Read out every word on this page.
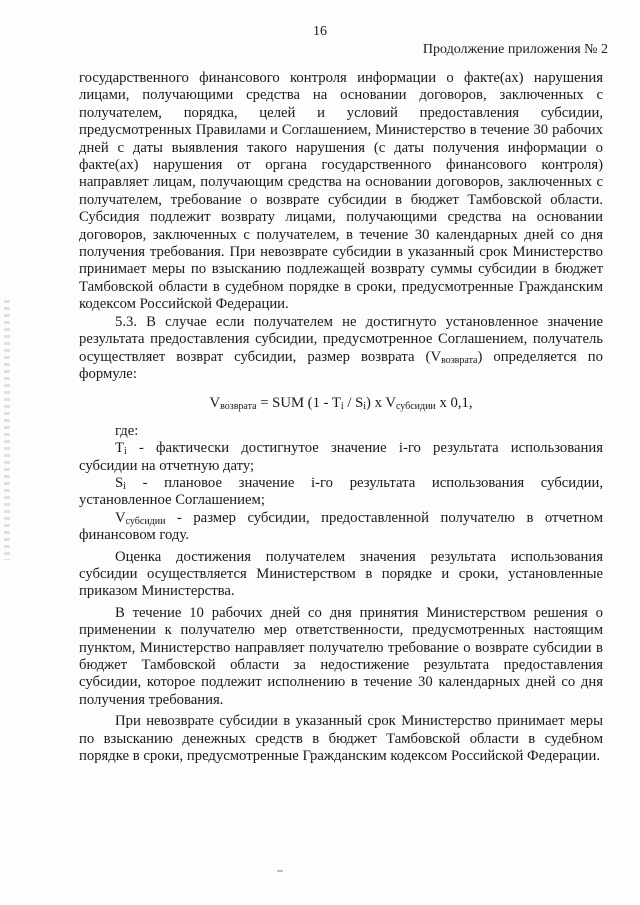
16
Продолжение приложения № 2

государственного финансового контроля информации о факте(ах) нарушения лицами, получающими средства на основании договоров, заключенных с получателем, порядка, целей и условий предоставления субсидии, предусмотренных Правилами и Соглашением, Министерство в течение 30 рабочих дней с даты выявления такого нарушения (с даты получения информации о факте(ах) нарушения от органа государственного финансового контроля) направляет лицам, получающим средства на основании договоров, заключенных с получателем, требование о возврате субсидии в бюджет Тамбовской области. Субсидия подлежит возврату лицами, получающими средства на основании договоров, заключенных с получателем, в течение 30 календарных дней со дня получения требования. При невозврате субсидии в указанный срок Министерство принимает меры по взысканию подлежащей возврату суммы субсидии в бюджет Тамбовской области в судебном порядке в сроки, предусмотренные Гражданским кодексом Российской Федерации.

5.3. В случае если получателем не достигнуто установленное значение результата предоставления субсидии, предусмотренное Соглашением, получатель осуществляет возврат субсидии, размер возврата $(V_{возврата})$ определяется по формуле:

$V_{возврата}$ = SUM $(1 - T_i / S_i)$ x $V_{субсидии}$ x 0,1,

где:

$T_i$ - фактически достигнутое значение i-го результата использования субсидии на отчетную дату;

$S_i$ - плановое значение i-го результата использования субсидии, установленное Соглашением;

$V_{субсидии}$ - размер субсидии, предоставленной получателю в отчетном финансовом году.

Оценка достижения получателем значения результата использования субсидии осуществляется Министерством в порядке и сроки, установленные приказом Министерства.

В течение 10 рабочих дней со дня принятия Министерством решения о применении к получателю мер ответственности, предусмотренных настоящим пунктом, Министерство направляет получателю требование о возврате субсидии в бюджет Тамбовской области за недостижение результата предоставления субсидии, которое подлежит исполнению в течение 30 календарных дней со дня получения требования.

При невозврате субсидии в указанный срок Министерство принимает меры по взысканию денежных средств в бюджет Тамбовской области в судебном порядке в сроки, предусмотренные Гражданским кодексом Российской Федерации.
